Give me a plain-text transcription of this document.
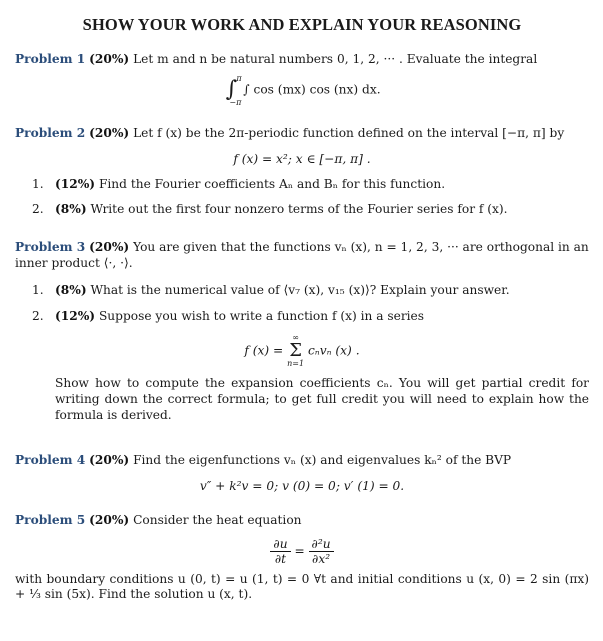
SHOW YOUR WORK AND EXPLAIN YOUR REASONING

Problem 1 (20%) Let m and n be natural numbers 0, 1, 2, ··· . Evaluate the integral

∫ π
−π
∫ cos (mx) cos (nx) dx.

Problem 2 (20%) Let f (x) be the 2π-periodic function defined on the interval [−π, π] by

f (x) = x²; x ∈ [−π, π] .

1. (12%) Find the Fourier coefficients Aₙ and Bₙ for this function.
2. (8%) Write out the first four nonzero terms of the Fourier series for f (x).

Problem 3 (20%) You are given that the functions vₙ (x), n = 1, 2, 3, ··· are orthogonal in an inner product ⟨·, ·⟩.

1. (8%) What is the numerical value of ⟨v₇ (x), v₁₅ (x)⟩? Explain your answer.
2. (12%) Suppose you wish to write a function f (x) in a series

f (x) =
∞
Σ
n=1
cₙvₙ (x) .

Show how to compute the expansion coefficients cₙ. You will get partial credit for writing down the correct formula; to get full credit you will need to explain how the formula is derived.

Problem 4 (20%) Find the eigenfunctions vₙ (x) and eigenvalues kₙ² of the BVP

v″ + k²v = 0; v (0) = 0; v′ (1) = 0.

Problem 5 (20%) Consider the heat equation

$\frac{\partial u}{\partial t} = \frac{\text{∂²u}}{\text{∂x²}}$

with boundary conditions u (0, t) = u (1, t) = 0 ∀t and initial conditions u (x, 0) = 2 sin (πx) + ⅓ sin (5x). Find the solution u (x, t).
